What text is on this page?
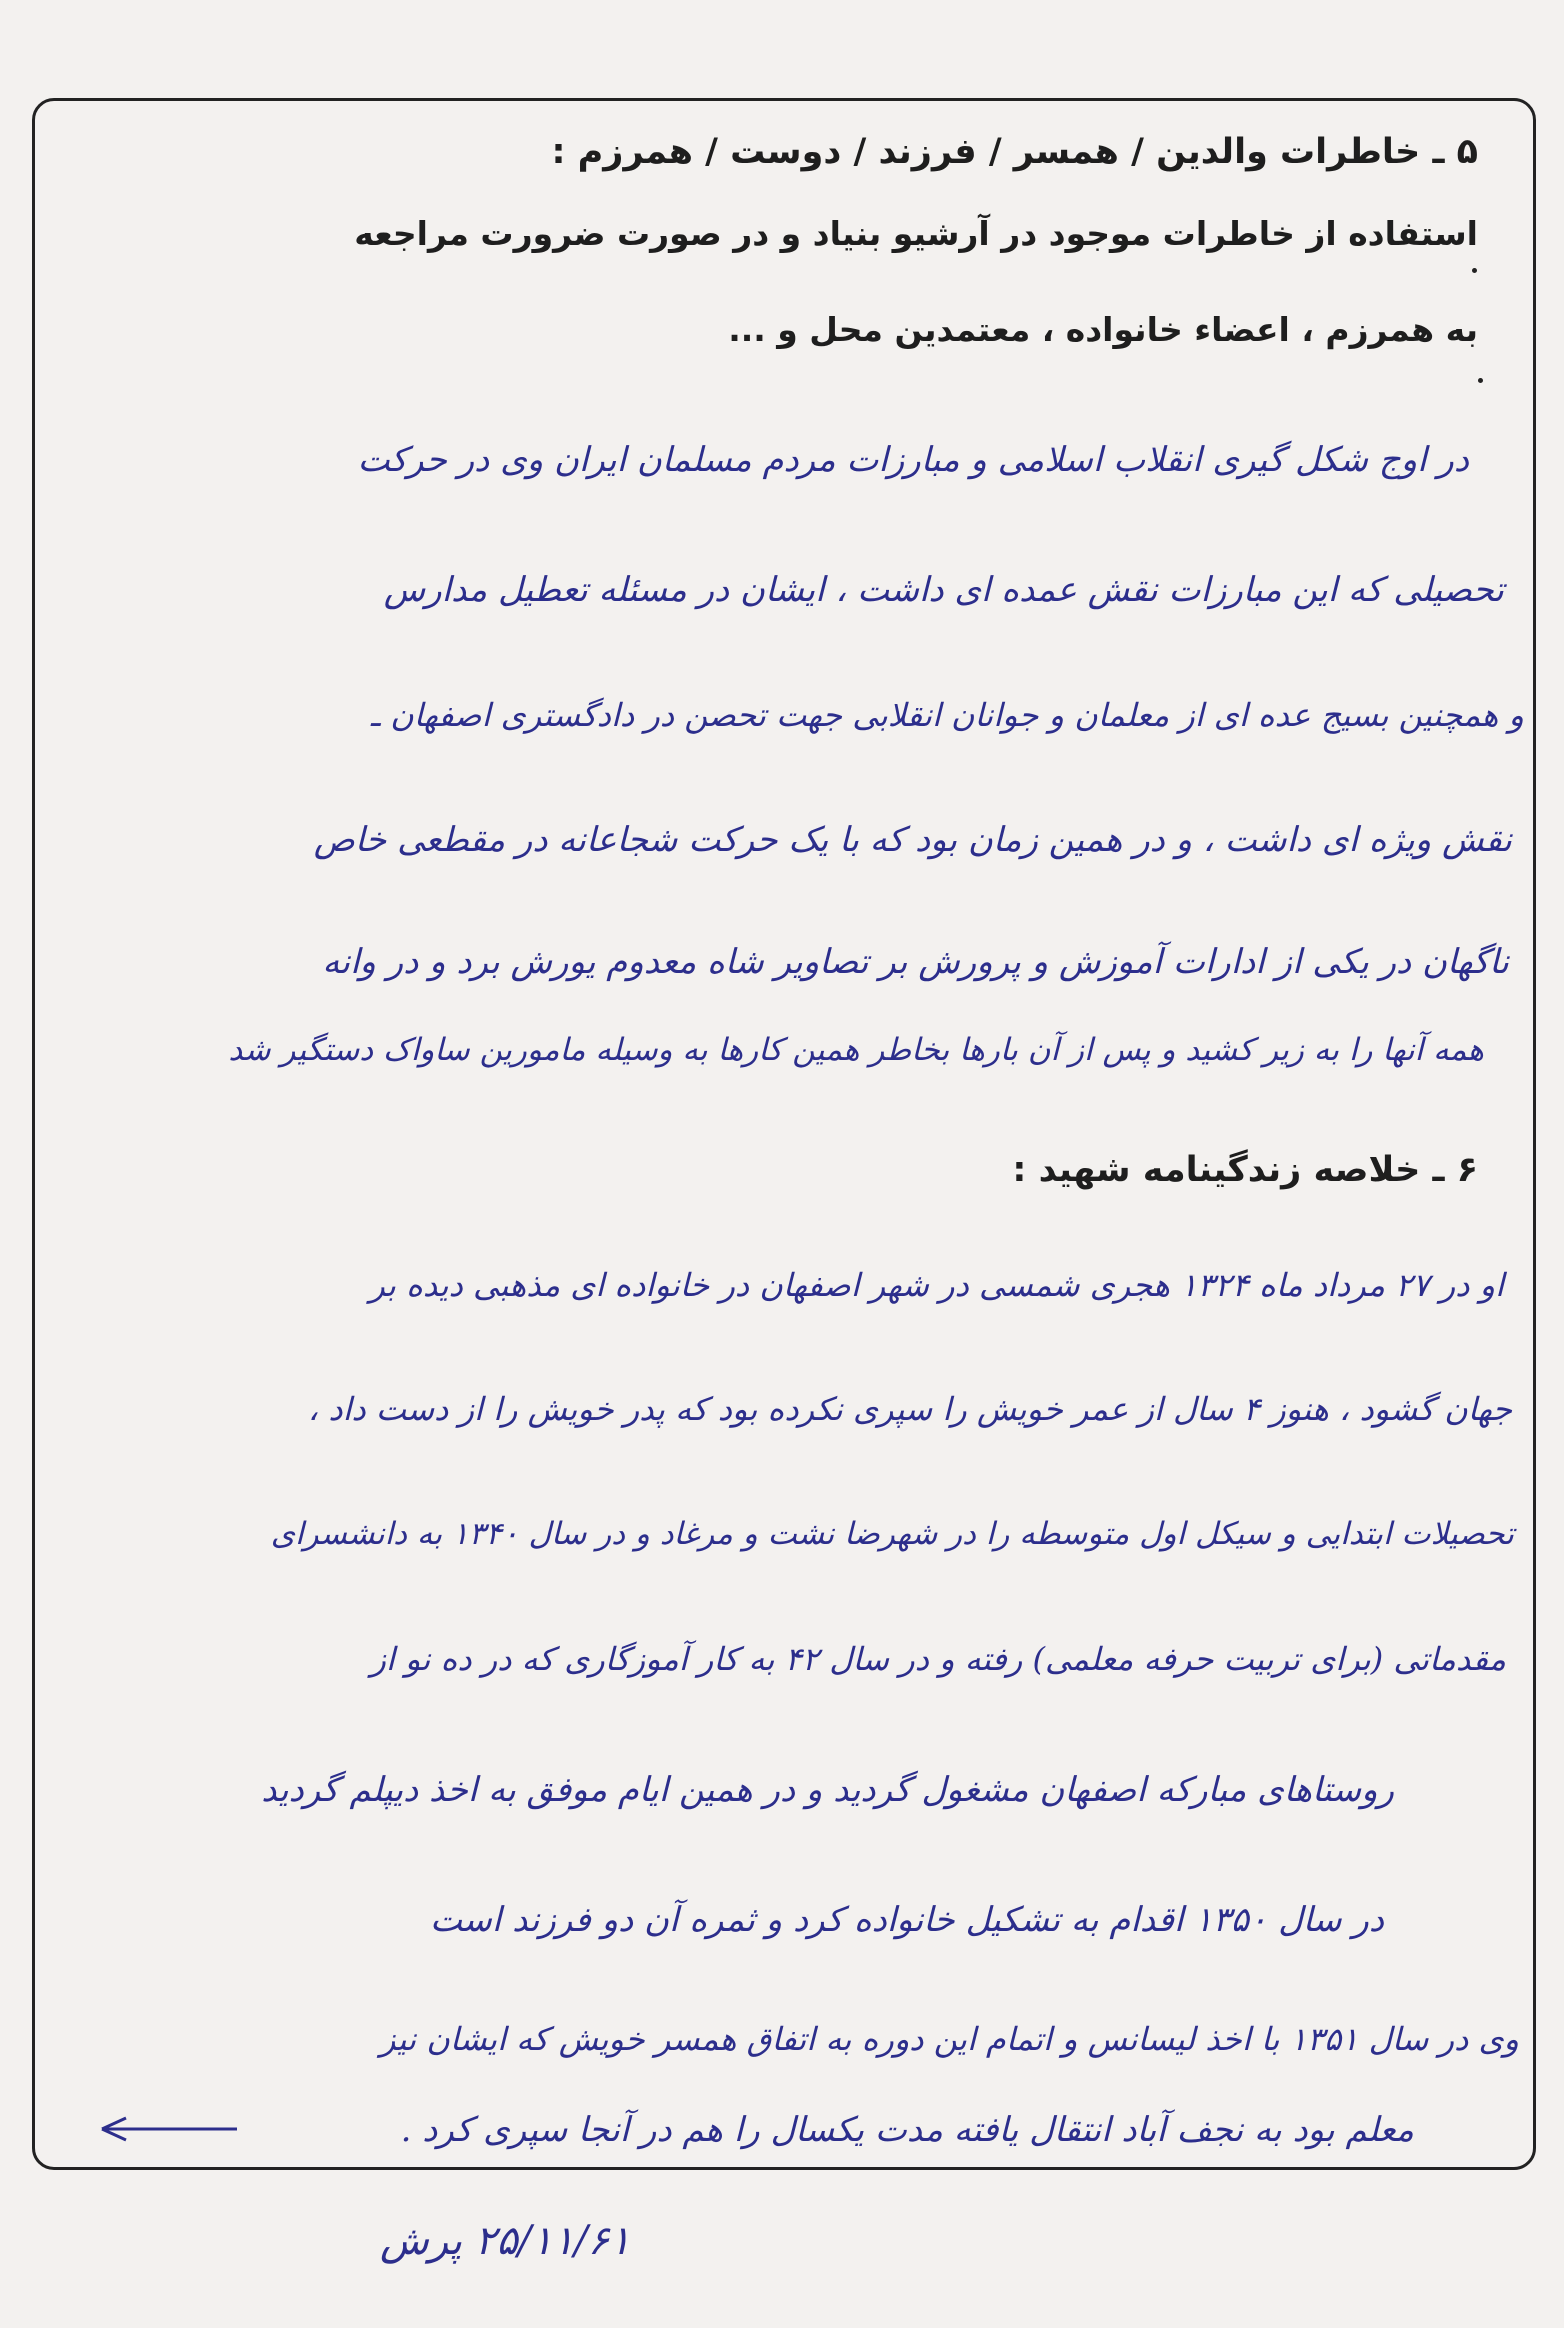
۵ ـ خاطرات والدین / همسر / فرزند / دوست / همرزم :
استفاده از خاطرات موجود در آرشیو بنیاد و در صورت ضرورت مراجعه
به همرزم ، اعضاء خانواده ، معتمدین محل و ...
در اوج شکل گیری انقلاب اسلامی و مبارزات مردم مسلمان ایران وی در حرکت
تحصیلی که این مبارزات نقش عمده ای داشت ، ایشان در مسئله تعطیل مدارس
و همچنین بسیج عده ای از معلمان و جوانان انقلابی جهت تحصن در دادگستری اصفهان ـ
نقش ویژه ای داشت ، و در همین زمان بود که با یک حرکت شجاعانه در مقطعی خاص
ناگهان در یکی از ادارات آموزش و پرورش بر تصاویر شاه معدوم یورش برد و در وانه
همه آنها را به زیر کشید و پس از آن بارها بخاطر همین کارها به وسیله مامورین ساواک دستگیر شد
۶ ـ خلاصه زندگینامه شهید :
او در ۲۷ مرداد ماه ۱۳۲۴ هجری شمسی در شهر اصفهان در خانواده ای مذهبی دیده بر
جهان گشود ، هنوز ۴ سال از عمر خویش را سپری نکرده بود که پدر خویش را از دست داد ،
تحصیلات ابتدایی و سیکل اول متوسطه را در شهرضا نشت و مرغاد و در سال ۱۳۴۰ به دانشسرای
مقدماتی (برای تربیت حرفه معلمی) رفته و در سال ۴۲ به کار آموزگاری که در ده نو از
روستاهای مبارکه اصفهان مشغول گردید و در همین ایام موفق به اخذ دیپلم گردید
در سال ۱۳۵۰ اقدام به تشکیل خانواده کرد و ثمره آن دو فرزند است
وی در سال ۱۳۵۱ با اخذ لیسانس و اتمام این دوره به اتفاق همسر خویش که ایشان نیز
معلم بود به نجف آباد انتقال یافته مدت یکسال را هم در آنجا سپری کرد .
۲۵/۱۱/۶۱ پرش
